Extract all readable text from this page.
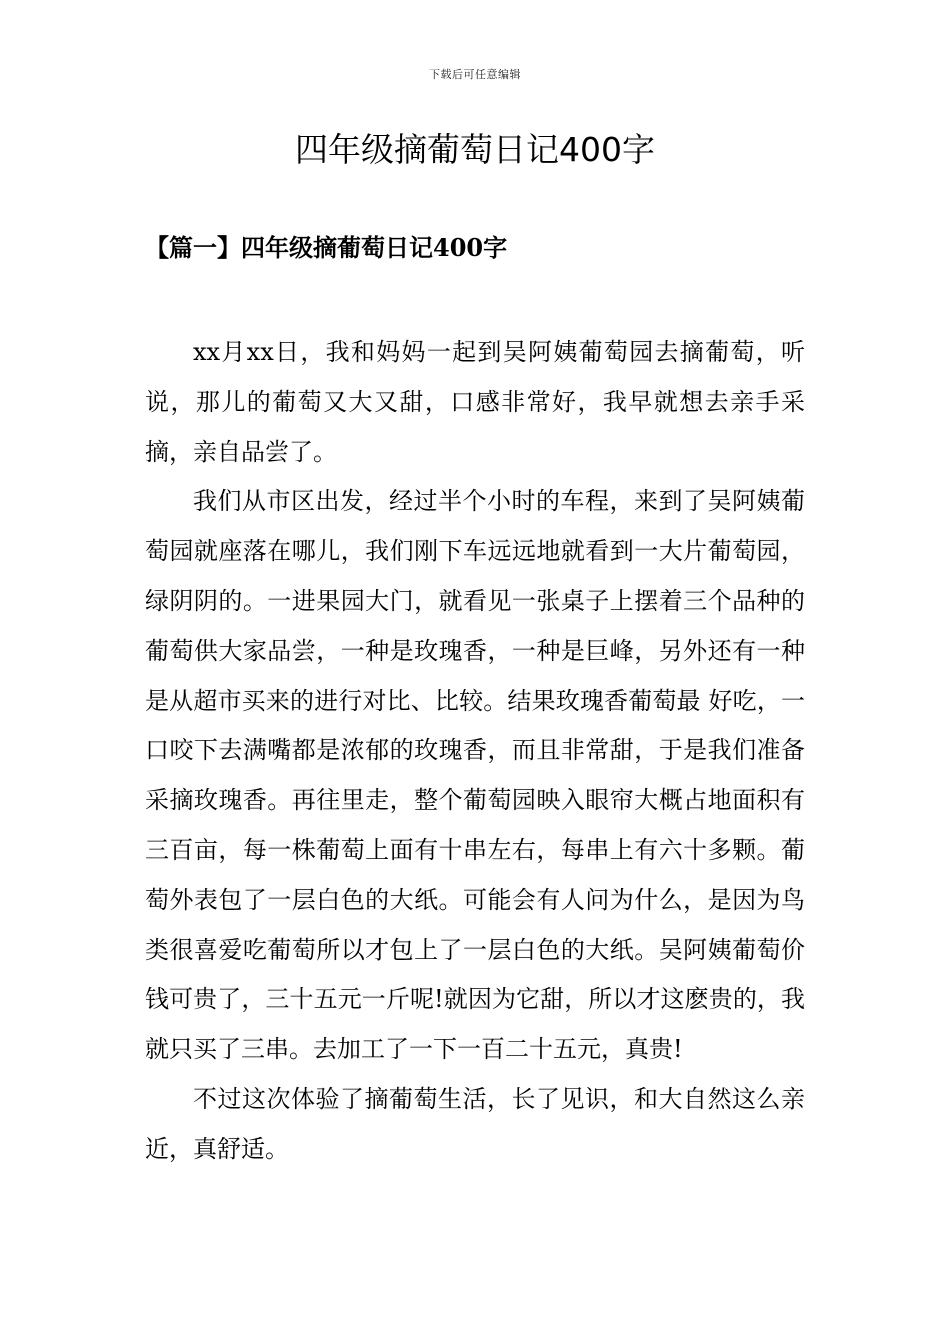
下载后可任意编辑
四年级摘葡萄日记400字
【篇一】四年级摘葡萄日记400字

xx月xx日，我和妈妈一起到吴阿姨葡萄园去摘葡萄，听说，那儿的葡萄又大又甜，口感非常好，我早就想去亲手采摘，亲自品尝了。

我们从市区出发，经过半个小时的车程，来到了吴阿姨葡萄园就座落在哪儿，我们刚下车远远地就看到一大片葡萄园，绿阴阴的。一进果园大门，就看见一张桌子上摆着三个品种的葡萄供大家品尝，一种是玫瑰香，一种是巨峰，另外还有一种是从超市买来的进行对比、比较。结果玫瑰香葡萄最 好吃，一口咬下去满嘴都是浓郁的玫瑰香，而且非常甜，于是我们准备采摘玫瑰香。再往里走，整个葡萄园映入眼帘大概占地面积有三百亩，每一株葡萄上面有十串左右，每串上有六十多颗。葡萄外表包了一层白色的大纸。可能会有人问为什么，是因为鸟类很喜爱吃葡萄所以才包上了一层白色的大纸。吴阿姨葡萄价钱可贵了，三十五元一斤呢!就因为它甜，所以才这麽贵的，我就只买了三串。去加工了一下一百二十五元，真贵!

不过这次体验了摘葡萄生活，长了见识，和大自然这么亲近，真舒适。
